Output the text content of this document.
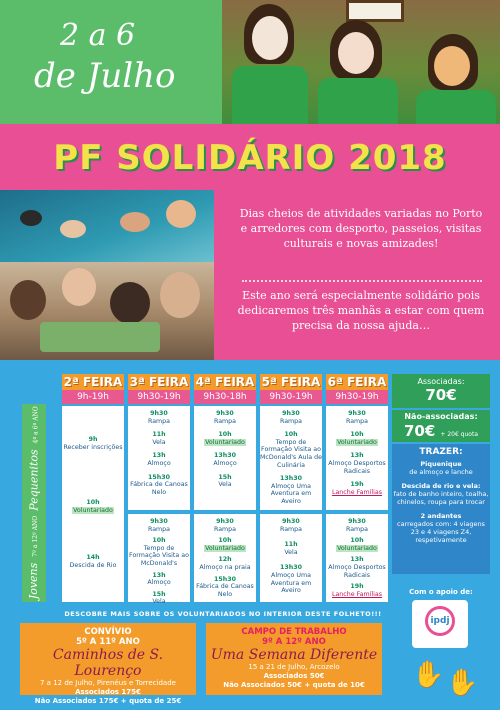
2 a 6
de Julho
PF SOLIDÁRIO 2018
Dias cheios de atividades variadas no Porto e arredores com desporto, passeios, visitas culturais e novas amizades!
Este ano será especialmente solidário pois dedicaremos três manhãs a estar com quem precisa da nossa ajuda…
Pequenitos4º a 6º ANO
Jovens7º a 12º ANO
2ª FEIRA
9h-19h
3ª FEIRA
9h30-19h
4ª FEIRA
9h30-18h
5ª FEIRA
9h30-19h
6ª FEIRA
9h30-19h
9h
Receber inscrições
10h
Voluntariado
14h
Descida de Rio
9h30
Rampa
11h
Vela
13h
Almoço
15h30
Fábrica de Canoas Nelo
9h30
Rampa
10h
Voluntariado
13h30
Almoço
15h
Vela
9h30
Rampa
10h
Tempo de Formação Visita ao McDonald's Aula de Culinária
13h30
Almoço Uma Aventura em Aveiro
9h30
Rampa
10h
Voluntariado
13h
Almoço Desportos Radicais
19h
Lanche Famílias
9h30
Rampa
10h
Tempo de Formação Visita ao McDonald's
13h
Almoço
15h
Vela
9h30
Rampa
10h
Voluntariado
12h
Almoço na praia
15h30
Fábrica de Canoas Nelo
9h30
Rampa
11h
Vela
13h30
Almoço Uma Aventura em Aveiro
9h30
Rampa
10h
Voluntariado
13h
Almoço Desportos Radicais
19h
Lanche Famílias
Associadas:
70€
Não-associadas:
70€ + 20€ quota
TRAZER:
Piquenique
de almoço e lanche
Descida de rio e vela:
fato de banho inteiro, toalha, chinelos, roupa para trocar
2 andantes
carregados com: 4 viagens 23 e 4 viagens Z4, respetivamente
Com o apoio de:
ipdj
✋ ✋
DESCOBRE MAIS SOBRE OS VOLUNTARIADOS NO INTERIOR DESTE FOLHETO!!!
CONVÍVIO
5º A 11º ANO
Caminhos de S. Lourenço
7 a 12 de Julho, Pirenéus e Torrecidade
Associados 175€
Não Associados 175€ + quota de 25€
CAMPO DE TRABALHO
9º A 12º ANO
Uma Semana Diferente
15 a 21 de Julho, Arcozelo
Associados 50€
Não Associados 50€ + quota de 10€
